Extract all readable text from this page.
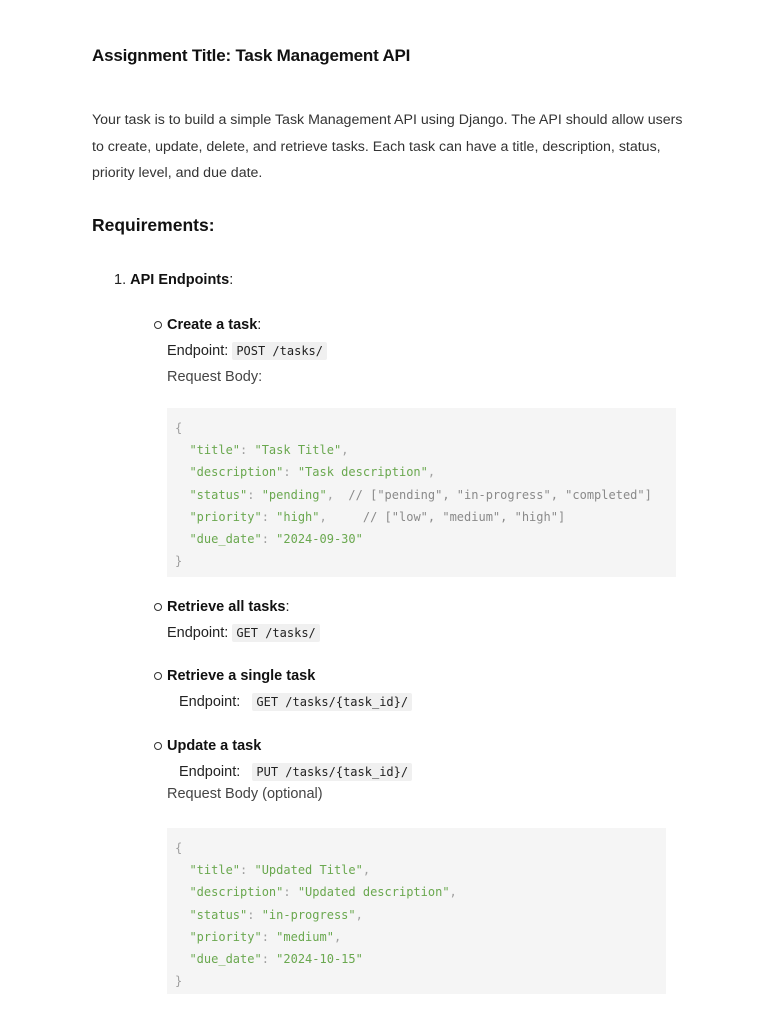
Assignment Title: Task Management API

Your task is to build a simple Task Management API using Django. The API should allow users to create, update, delete, and retrieve tasks. Each task can have a title, description, status, priority level, and due date.

Requirements:
1. API Endpoints:
Create a task:
Endpoint: POST /tasks/
Request Body:
{
"title": "Task Title",
"description": "Task description",
"status": "pending",  // ["pending", "in-progress", "completed"]
"priority": "high",     // ["low", "medium", "high"]
"due_date": "2024-09-30"
}
Retrieve all tasks:
Endpoint: GET /tasks/
Retrieve a single task
Endpoint: GET /tasks/{task_id}/
Update a task
Endpoint: PUT /tasks/{task_id}/
Request Body (optional)
{
"title": "Updated Title",
"description": "Updated description",
"status": "in-progress",
"priority": "medium",
"due_date": "2024-10-15"
}
